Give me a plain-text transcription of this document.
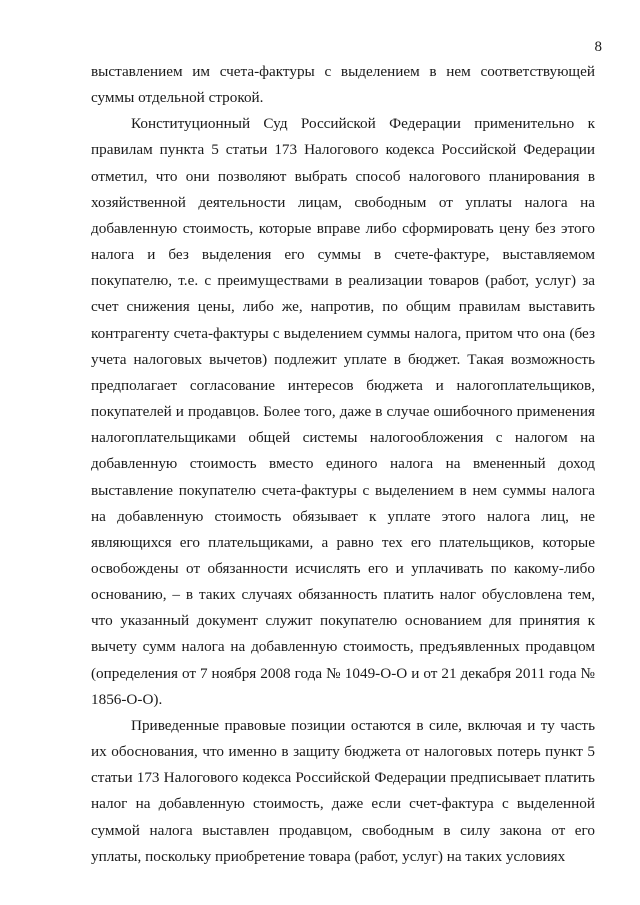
8

выставлением им счета-фактуры с выделением в нем соответствующей суммы отдельной строкой.

Конституционный Суд Российской Федерации применительно к правилам пункта 5 статьи 173 Налогового кодекса Российской Федерации отметил, что они позволяют выбрать способ налогового планирования в хозяйственной деятельности лицам, свободным от уплаты налога на добавленную стоимость, которые вправе либо сформировать цену без этого налога и без выделения его суммы в счете-фактуре, выставляемом покупателю, т.е. с преимуществами в реализации товаров (работ, услуг) за счет снижения цены, либо же, напротив, по общим правилам выставить контрагенту счета-фактуры с выделением суммы налога, притом что она (без учета налоговых вычетов) подлежит уплате в бюджет. Такая возможность предполагает согласование интересов бюджета и налогоплательщиков, покупателей и продавцов. Более того, даже в случае ошибочного применения налогоплательщиками общей системы налогообложения с налогом на добавленную стоимость вместо единого налога на вмененный доход выставление покупателю счета-фактуры с выделением в нем суммы налога на добавленную стоимость обязывает к уплате этого налога лиц, не являющихся его плательщиками, а равно тех его плательщиков, которые освобождены от обязанности исчислять его и уплачивать по какому-либо основанию, – в таких случаях обязанность платить налог обусловлена тем, что указанный документ служит покупателю основанием для принятия к вычету сумм налога на добавленную стоимость, предъявленных продавцом (определения от 7 ноября 2008 года № 1049-О-О и от 21 декабря 2011 года № 1856-О-О).

Приведенные правовые позиции остаются в силе, включая и ту часть их обоснования, что именно в защиту бюджета от налоговых потерь пункт 5 статьи 173 Налогового кодекса Российской Федерации предписывает платить налог на добавленную стоимость, даже если счет-фактура с выделенной суммой налога выставлен продавцом, свободным в силу закона от его уплаты, поскольку приобретение товара (работ, услуг) на таких условиях
